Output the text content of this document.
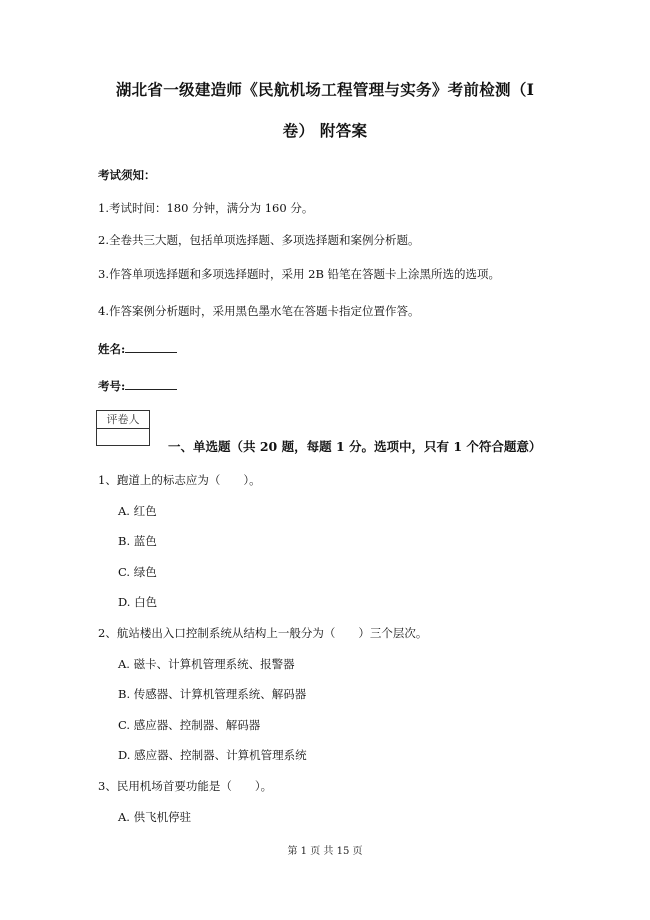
湖北省一级建造师《民航机场工程管理与实务》考前检测（I
卷） 附答案
考试须知：
1.考试时间：180 分钟，满分为 160 分。
2.全卷共三大题，包括单项选择题、多项选择题和案例分析题。
3.作答单项选择题和多项选择题时，采用 2B 铅笔在答题卡上涂黑所选的选项。
4.作答案例分析题时，采用黑色墨水笔在答题卡指定位置作答。
姓名:
考号:
评卷人
一、单选题（共 20 题，每题 1 分。选项中，只有 1 个符合题意）
1、跑道上的标志应为（　　）。
A. 红色
B. 蓝色
C. 绿色
D. 白色
2、航站楼出入口控制系统从结构上一般分为（　　）三个层次。
A. 磁卡、计算机管理系统、报警器
B. 传感器、计算机管理系统、解码器
C. 感应器、控制器、解码器
D. 感应器、控制器、计算机管理系统
3、民用机场首要功能是（　　）。
A. 供飞机停驻
第 1 页 共 15 页
